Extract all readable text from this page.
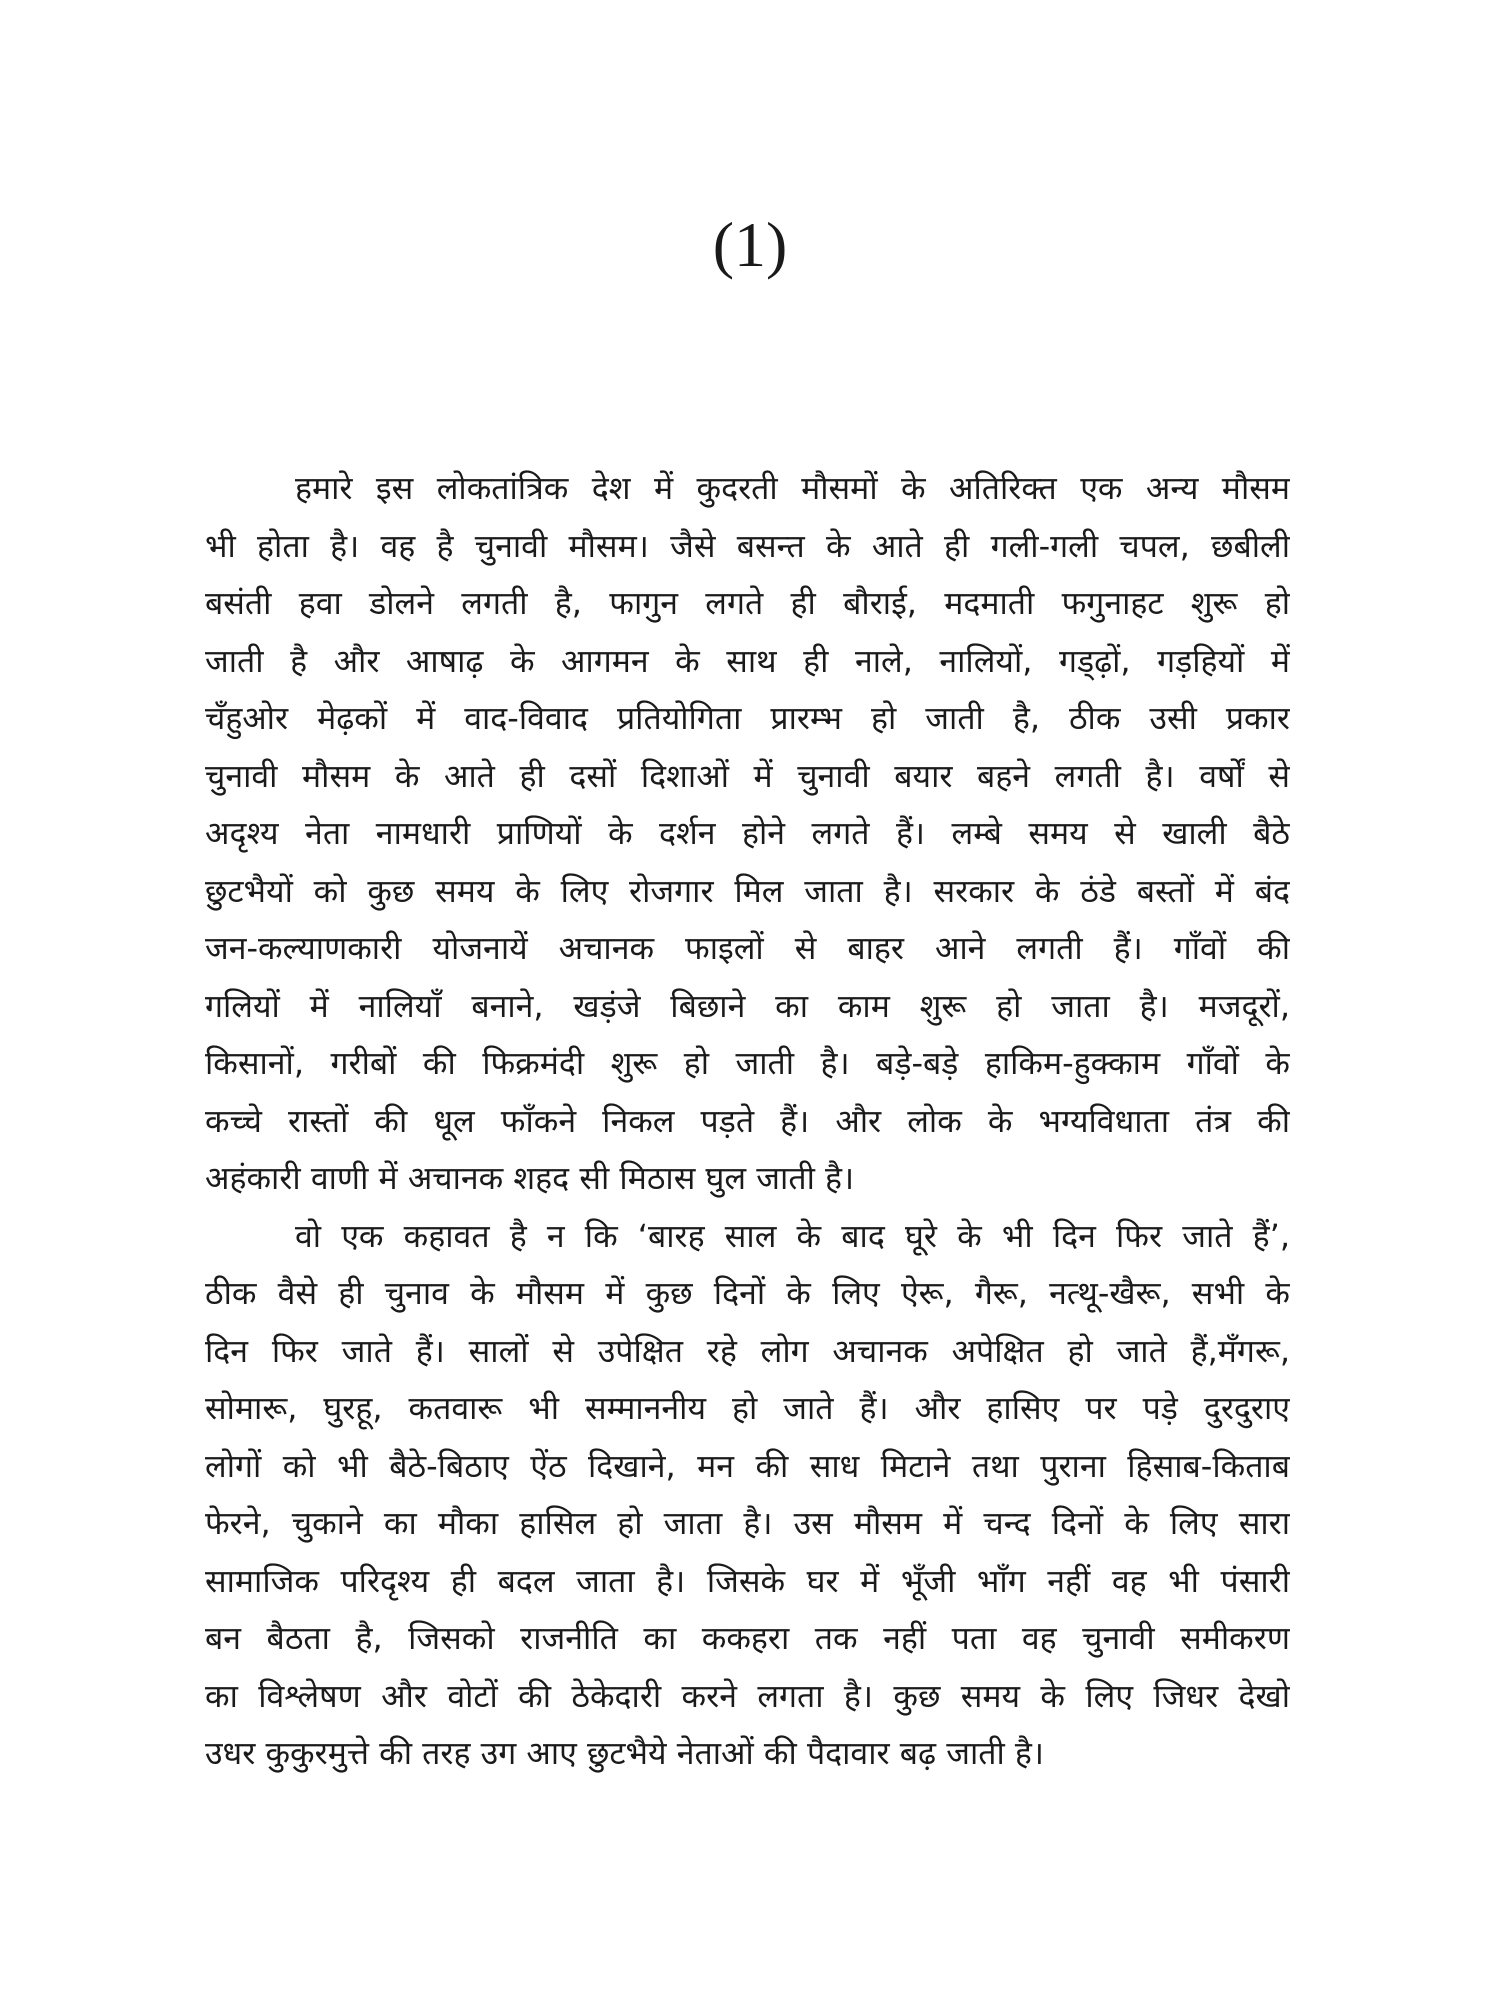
(1)
हमारे इस लोकतांत्रिक देश में कुदरती मौसमों के अतिरिक्त एक अन्य मौसम
भी होता है। वह है चुनावी मौसम। जैसे बसन्त के आते ही गली-गली चपल, छबीली
बसंती हवा डोलने लगती है, फागुन लगते ही बौराई, मदमाती फगुनाहट शुरू हो
जाती है और आषाढ़ के आगमन के साथ ही नाले, नालियों, गड्ढ़ों, गड़हियों में
चँहुओर मेढ़कों में वाद-विवाद प्रतियोगिता प्रारम्भ हो जाती है, ठीक उसी प्रकार
चुनावी मौसम के आते ही दसों दिशाओं में चुनावी बयार बहने लगती है। वर्षों से
अदृश्य नेता नामधारी प्राणियों के दर्शन होने लगते हैं। लम्बे समय से खाली बैठे
छुटभैयों को कुछ समय के लिए रोजगार मिल जाता है। सरकार के ठंडे बस्तों में बंद
जन-कल्याणकारी योजनायें अचानक फाइलों से बाहर आने लगती हैं। गाँवों की
गलियों में नालियाँ बनाने, खड़ंजे बिछाने का काम शुरू हो जाता है। मजदूरों,
किसानों, गरीबों की फिक्रमंदी शुरू हो जाती है। बड़े-बड़े हाकिम-हुक्काम गाँवों के
कच्चे रास्तों की धूल फाँकने निकल पड़ते हैं। और लोक के भग्यविधाता तंत्र की
अहंकारी वाणी में अचानक शहद सी मिठास घुल जाती है।
वो एक कहावत है न कि ‘बारह साल के बाद घूरे के भी दिन फिर जाते हैं’,
ठीक वैसे ही चुनाव के मौसम में कुछ दिनों के लिए ऐरू, गैरू, नत्थू-खैरू, सभी के
दिन फिर जाते हैं। सालों से उपेक्षित रहे लोग अचानक अपेक्षित हो जाते हैं,मँगरू,
सोमारू, घुरहू, कतवारू भी सम्माननीय हो जाते हैं। और हासिए पर पड़े दुरदुराए
लोगों को भी बैठे-बिठाए ऐंठ दिखाने, मन की साध मिटाने तथा पुराना हिसाब-किताब
फेरने, चुकाने का मौका हासिल हो जाता है। उस मौसम में चन्द दिनों के लिए सारा
सामाजिक परिदृश्य ही बदल जाता है। जिसके घर में भूँजी भाँग नहीं वह भी पंसारी
बन बैठता है, जिसको राजनीति का ककहरा तक नहीं पता वह चुनावी समीकरण
का विश्लेषण और वोटों की ठेकेदारी करने लगता है। कुछ समय के लिए जिधर देखो
उधर कुकुरमुत्ते की तरह उग आए छुटभैये नेताओं की पैदावार बढ़ जाती है।
